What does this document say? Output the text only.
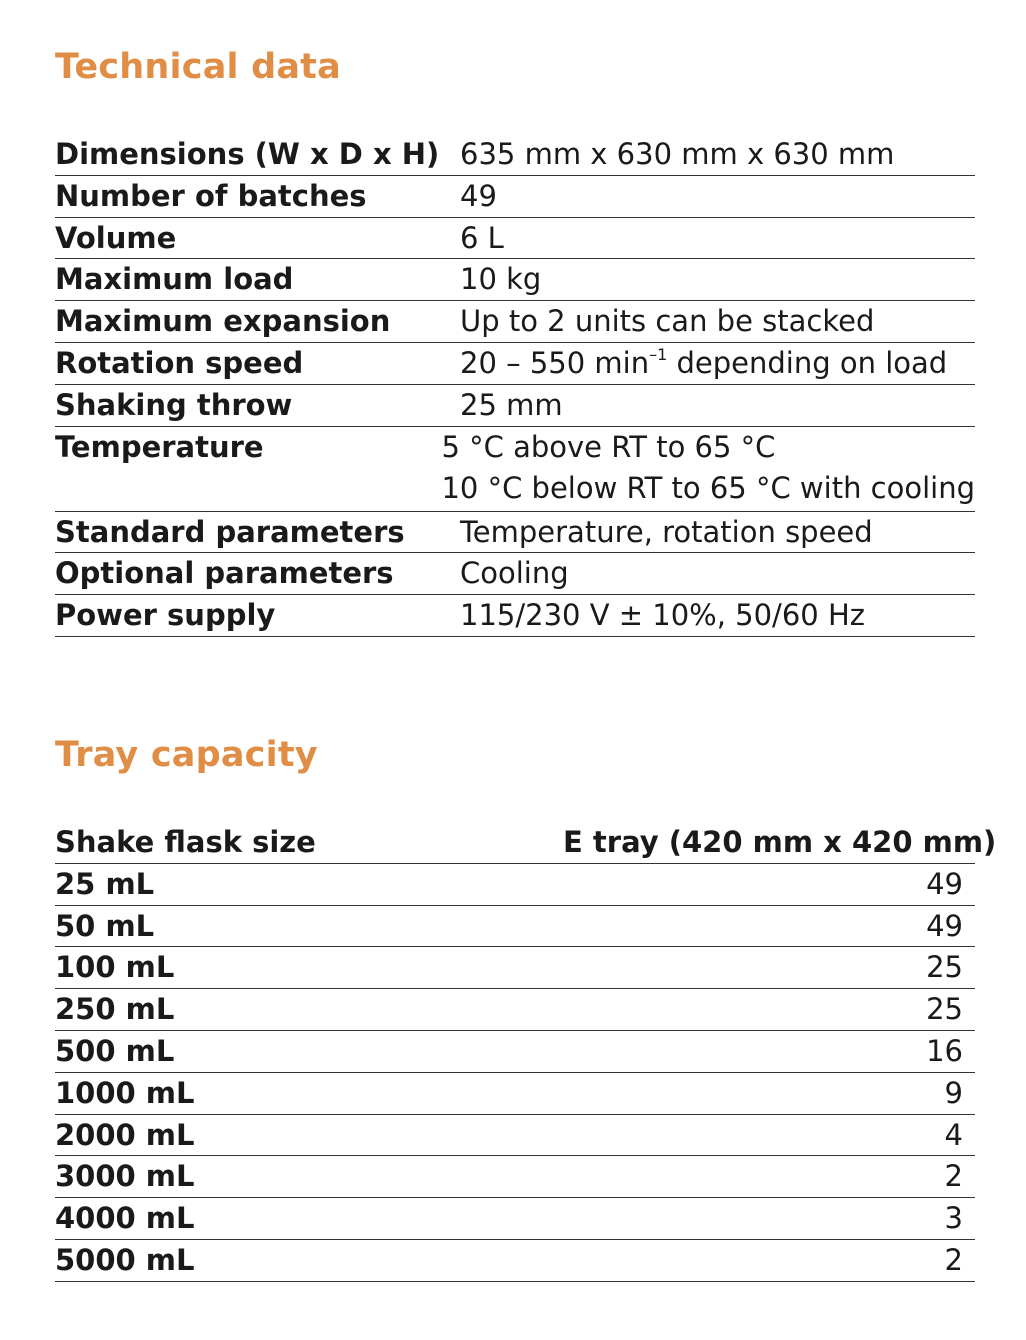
Technical data
Dimensions (W x D x H) 635 mm x 630 mm x 630 mm
Number of batches	49
Volume	6 L
Maximum load	10 kg
Maximum expansion	Up to 2 units can be stacked
Rotation speed	20 – 550 $\min^{-1}$ depending on load
Shaking throw	25 mm
Temperature	5 °C above RT to 65 °C
10 °C below RT to 65 °C with cooling
Standard parameters	Temperature, rotation speed
Optional parameters	Cooling
Power supply	115/230 V ± 10%, 50/60 Hz
Tray capacity
Shake flask size	E tray (420 mm x 420 mm)
25 mL	49
50 mL	49
100 mL	25
250 mL	25
500 mL	16
1000 mL	9
2000 mL	4
3000 mL	2
4000 mL	3
5000 mL	2
